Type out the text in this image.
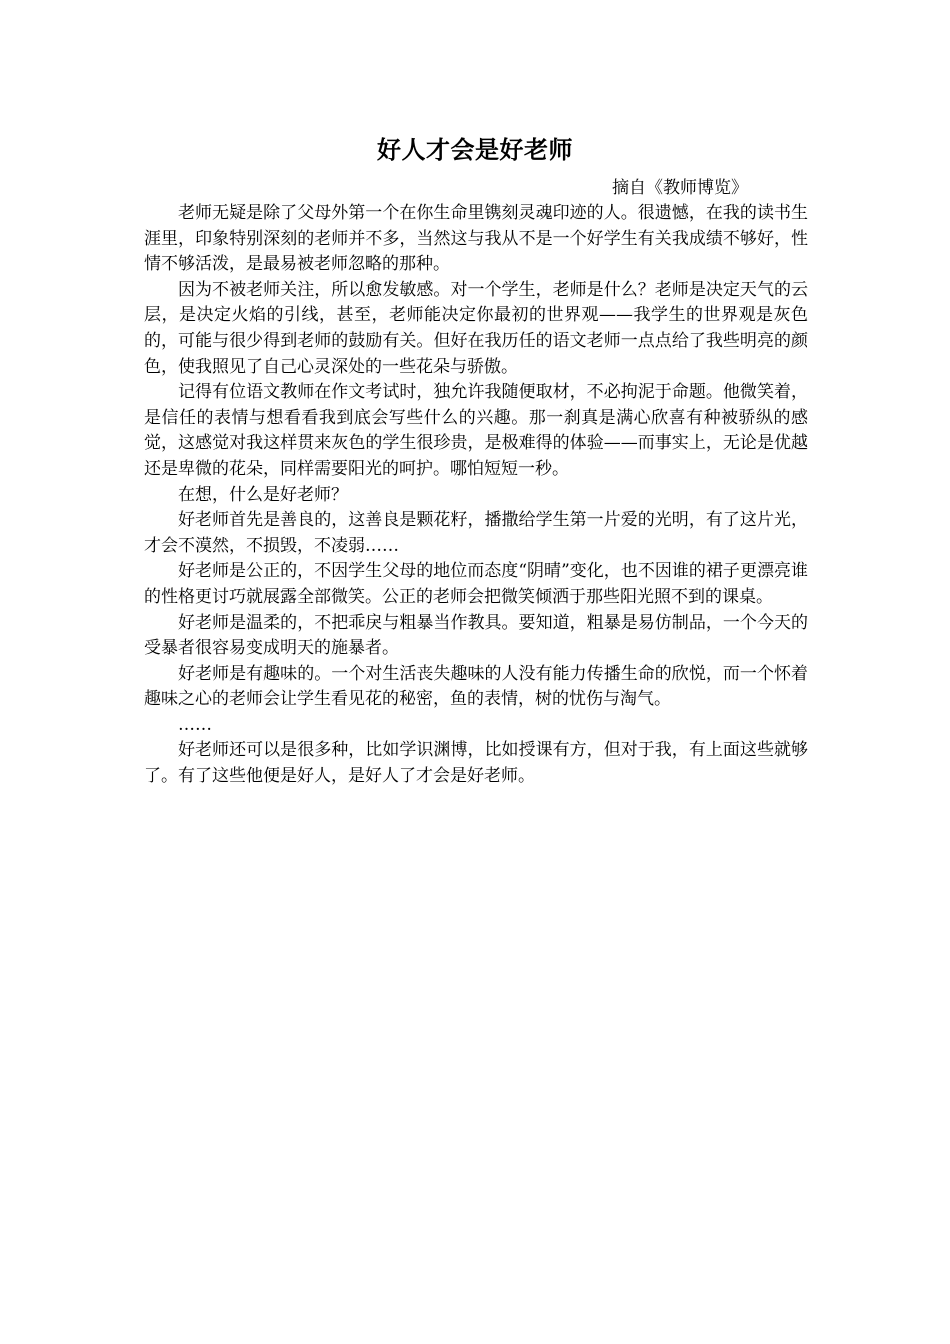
好人才会是好老师
摘自《教师博览》

老师无疑是除了父母外第一个在你生命里镌刻灵魂印迹的人。很遗憾，在我的读书生涯里，印象特别深刻的老师并不多，当然这与我从不是一个好学生有关我成绩不够好，性情不够活泼，是最易被老师忽略的那种。

因为不被老师关注，所以愈发敏感。对一个学生，老师是什么？老师是决定天气的云层，是决定火焰的引线，甚至，老师能决定你最初的世界观——我学生的世界观是灰色的，可能与很少得到老师的鼓励有关。但好在我历任的语文老师一点点给了我些明亮的颜色，使我照见了自己心灵深处的一些花朵与骄傲。

记得有位语文教师在作文考试时，独允许我随便取材，不必拘泥于命题。他微笑着，是信任的表情与想看看我到底会写些什么的兴趣。那一刹真是满心欣喜有种被骄纵的感觉，这感觉对我这样贯来灰色的学生很珍贵，是极难得的体验——而事实上，无论是优越还是卑微的花朵，同样需要阳光的呵护。哪怕短短一秒。

在想，什么是好老师？

好老师首先是善良的，这善良是颗花籽，播撒给学生第一片爱的光明，有了这片光，才会不漠然，不损毁，不凌弱……

好老师是公正的，不因学生父母的地位而态度“阴晴”变化，也不因谁的裙子更漂亮谁的性格更讨巧就展露全部微笑。公正的老师会把微笑倾洒于那些阳光照不到的课桌。

好老师是温柔的，不把乖戾与粗暴当作教具。要知道，粗暴是易仿制品，一个今天的受暴者很容易变成明天的施暴者。

好老师是有趣味的。一个对生活丧失趣味的人没有能力传播生命的欣悦，而一个怀着趣味之心的老师会让学生看见花的秘密，鱼的表情，树的忧伤与淘气。

……

好老师还可以是很多种，比如学识渊博，比如授课有方，但对于我，有上面这些就够了。有了这些他便是好人，是好人了才会是好老师。
